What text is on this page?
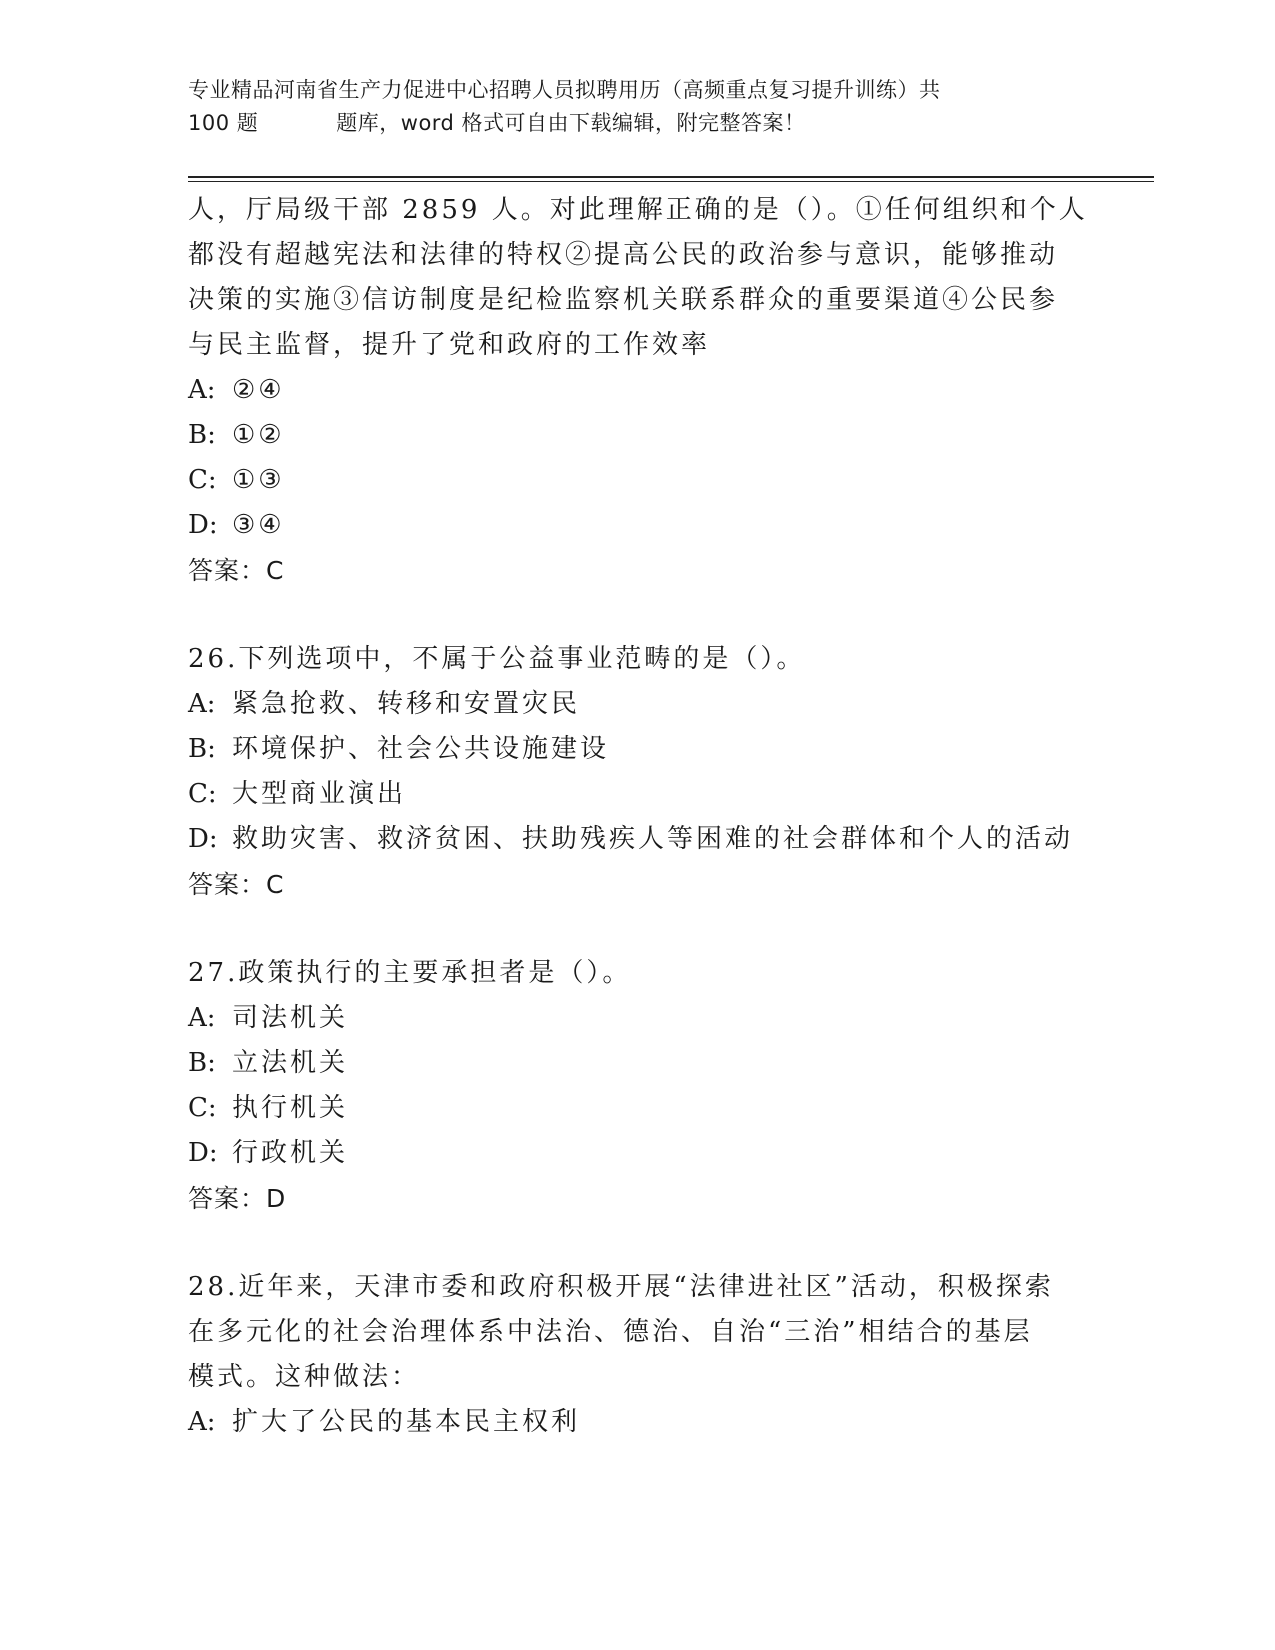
专业精品河南省生产力促进中心招聘人员拟聘用历（高频重点复习提升训练）共
100 题	题库，word 格式可自由下载编辑，附完整答案！

人，厅局级干部 2859 人。对此理解正确的是（）。①任何组织和个人

都没有超越宪法和法律的特权②提高公民的政治参与意识，能够推动

决策的实施③信访制度是纪检监察机关联系群众的重要渠道④公民参

与民主监督，提升了党和政府的工作效率

A: ②④

B: ①②

C: ①③

D: ③④

答案：C

26.下列选项中，不属于公益事业范畴的是（）。

A: 紧急抢救、转移和安置灾民

B: 环境保护、社会公共设施建设

C: 大型商业演出

D: 救助灾害、救济贫困、扶助残疾人等困难的社会群体和个人的活动

答案：C

27.政策执行的主要承担者是（）。

A: 司法机关

B: 立法机关

C: 执行机关

D: 行政机关

答案：D

28.近年来，天津市委和政府积极开展“法律进社区”活动，积极探索

在多元化的社会治理体系中法治、德治、自治“三治”相结合的基层

模式。这种做法：

A: 扩大了公民的基本民主权利
